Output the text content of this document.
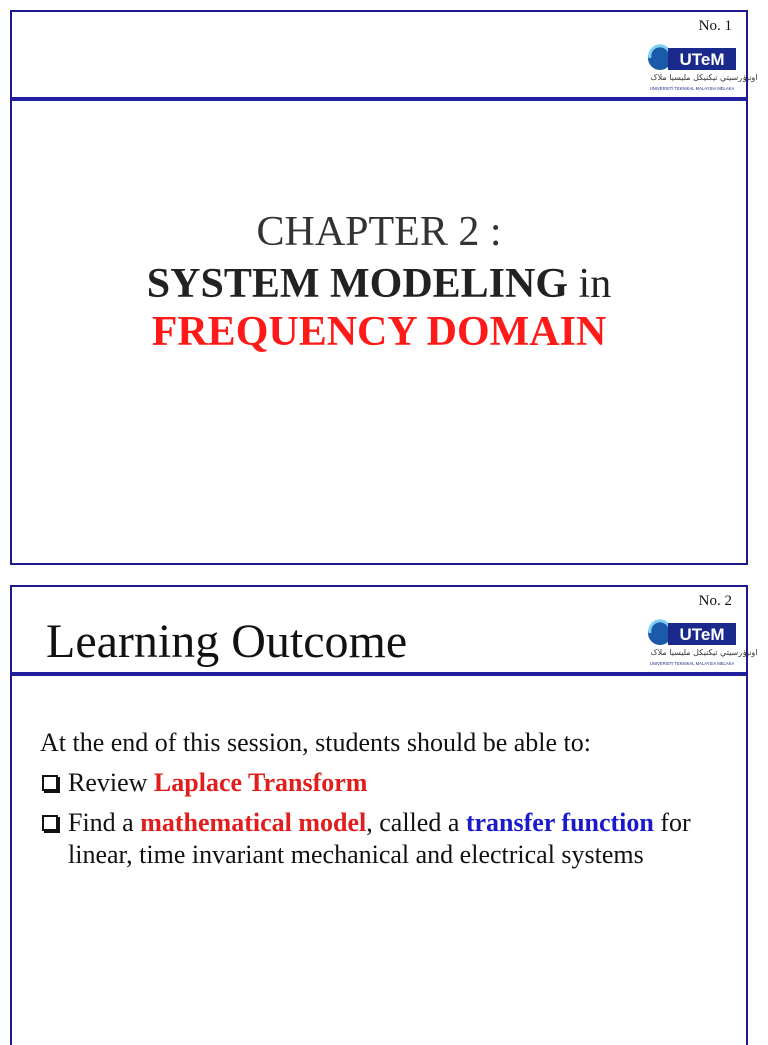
No. 1
UTeM
اونيۏرسيتي تيكنيكل مليسيا ملاک
UNIVERSITI TEKNIKAL MALAYSIA MELAKA
CHAPTER 2 :
SYSTEM MODELING in
FREQUENCY DOMAIN
No. 2
Learning Outcome	UTeM
اونيۏرسيتي تيكنيكل مليسيا ملاک
UNIVERSITI TEKNIKAL MALAYSIA MELAKA
At the end of this session, students should be able to:
Review Laplace Transform
Find a mathematical model, called a transfer function for linear, time invariant mechanical and electrical systems
